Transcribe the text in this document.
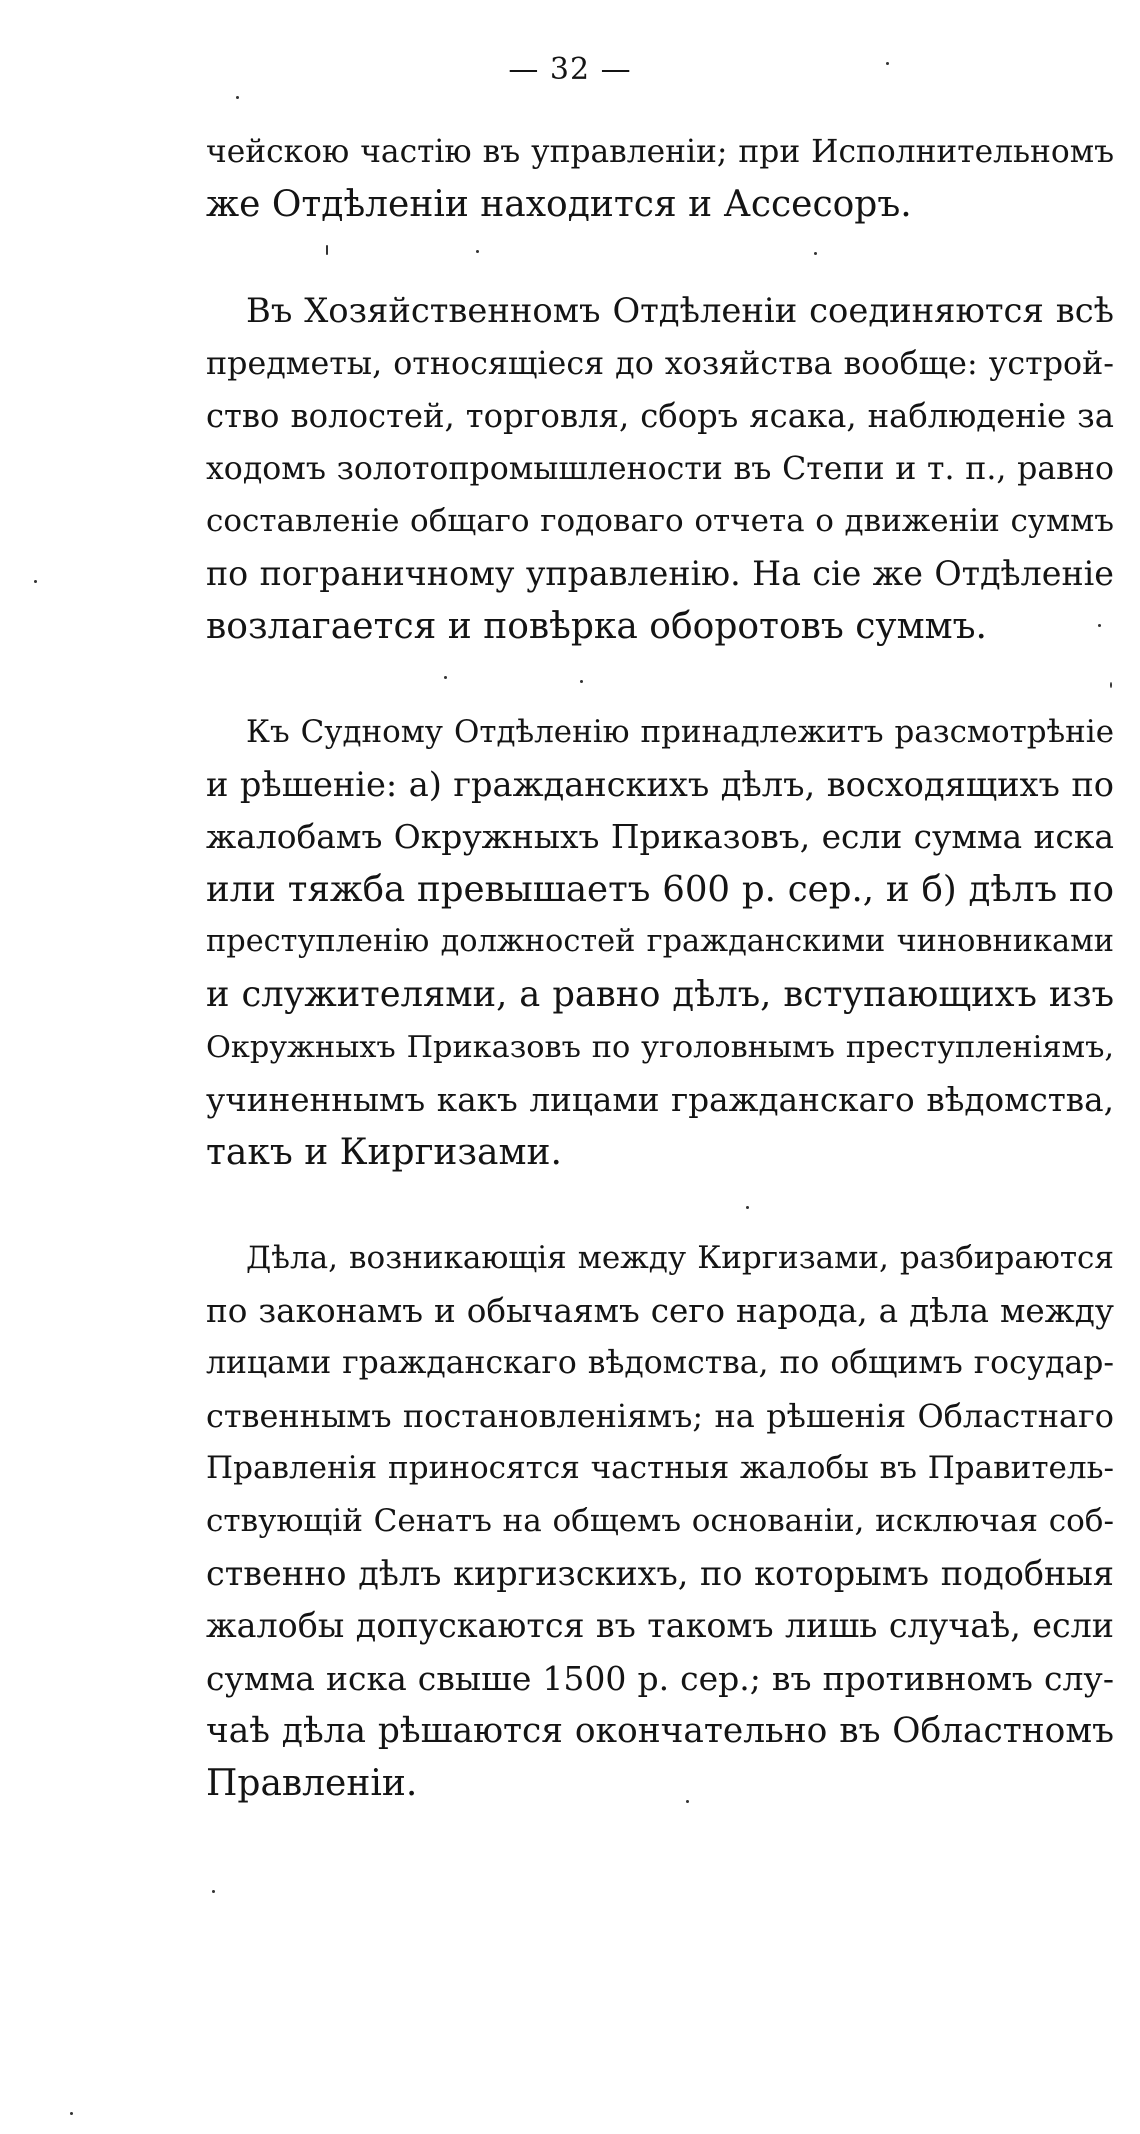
— 32 —
чейскою частію въ управленіи; при Исполнительномъ
же Отдѣленіи находится и Ассесоръ.
Въ Хозяйственномъ Отдѣленіи соединяются всѣ
предметы, относящіеся до хозяйства вообще: устрой-
ство волостей, торговля, сборъ ясака, наблюденіе за
ходомъ золотопромышлености въ Степи и т. п., равно
составленіе общаго годоваго отчета о движеніи суммъ
по пограничному управленію. На сіе же Отдѣленіе
возлагается и повѣрка оборотовъ суммъ.
Къ Судному Отдѣленію принадлежитъ разсмотрѣніе
и рѣшеніе: а) гражданскихъ дѣлъ, восходящихъ по
жалобамъ Окружныхъ Приказовъ, если сумма иска
или тяжба превышаетъ 600 р. сер., и б) дѣлъ по
преступленію должностей гражданскими чиновниками
и служителями, а равно дѣлъ, вступающихъ изъ
Окружныхъ Приказовъ по уголовнымъ преступленіямъ,
учиненнымъ какъ лицами гражданскаго вѣдомства,
такъ и Киргизами.
Дѣла, возникающія между Киргизами, разбираются
по законамъ и обычаямъ сего народа, а дѣла между
лицами гражданскаго вѣдомства, по общимъ государ-
ственнымъ постановленіямъ; на рѣшенія Областнаго
Правленія приносятся частныя жалобы въ Правитель-
ствующій Сенатъ на общемъ основаніи, исключая соб-
ственно дѣлъ киргизскихъ, по которымъ подобныя
жалобы допускаются въ такомъ лишь случаѣ, если
сумма иска свыше 1500 р. сер.; въ противномъ слу-
чаѣ дѣла рѣшаются окончательно въ Областномъ
Правленіи.
